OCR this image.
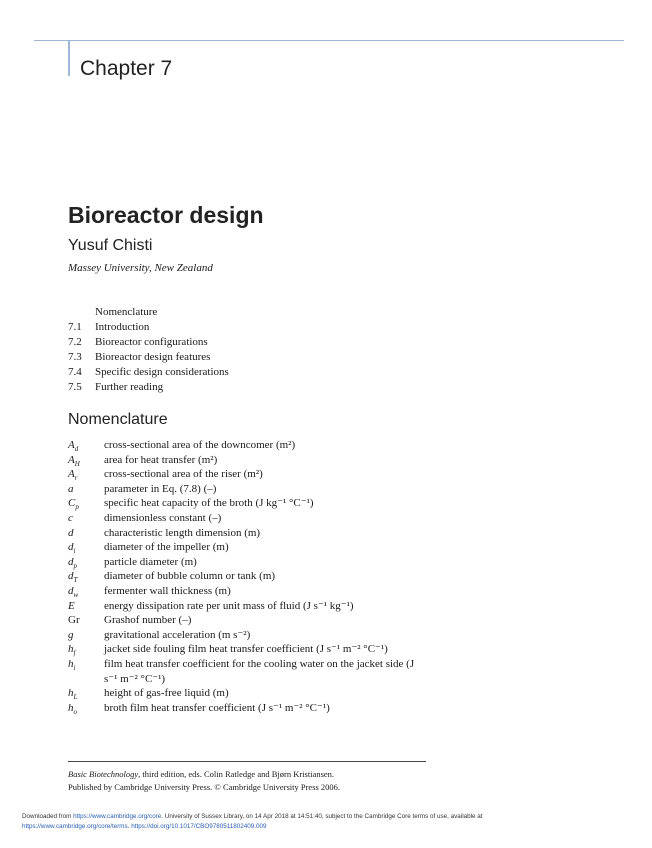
Chapter 7
Bioreactor design
Yusuf Chisti
Massey University, New Zealand
Nomenclature
7.1 Introduction
7.2 Bioreactor configurations
7.3 Bioreactor design features
7.4 Specific design considerations
7.5 Further reading
Nomenclature
$A_d$	cross-sectional area of the downcomer (m²)
$A_H$	area for heat transfer (m²)
$A_r$	cross-sectional area of the riser (m²)
a	parameter in Eq. (7.8) (–)
$C_p$	specific heat capacity of the broth (J kg⁻¹ °C⁻¹)
c	dimensionless constant (–)
d	characteristic length dimension (m)
$d_i$	diameter of the impeller (m)
$d_p$	particle diameter (m)
$d_T$	diameter of bubble column or tank (m)
$d_w$	fermenter wall thickness (m)
E	energy dissipation rate per unit mass of fluid (J s⁻¹ kg⁻¹)
Gr	Grashof number (–)
g	gravitational acceleration (m s⁻²)
$h_f$	jacket side fouling film heat transfer coefficient (J s⁻¹ m⁻² °C⁻¹)
$h_i$	film heat transfer coefficient for the cooling water on the jacket side (J s⁻¹ m⁻² °C⁻¹)
$h_L$	height of gas-free liquid (m)
$h_o$	broth film heat transfer coefficient (J s⁻¹ m⁻² °C⁻¹)
Basic Biotechnology, third edition, eds. Colin Ratledge and Bjørn Kristiansen.
Published by Cambridge University Press. © Cambridge University Press 2006.
Downloaded from https://www.cambridge.org/core. University of Sussex Library, on 14 Apr 2018 at 14:51:40, subject to the Cambridge Core terms of use, available at
https://www.cambridge.org/core/terms. https://doi.org/10.1017/CBO9780511802409.009
